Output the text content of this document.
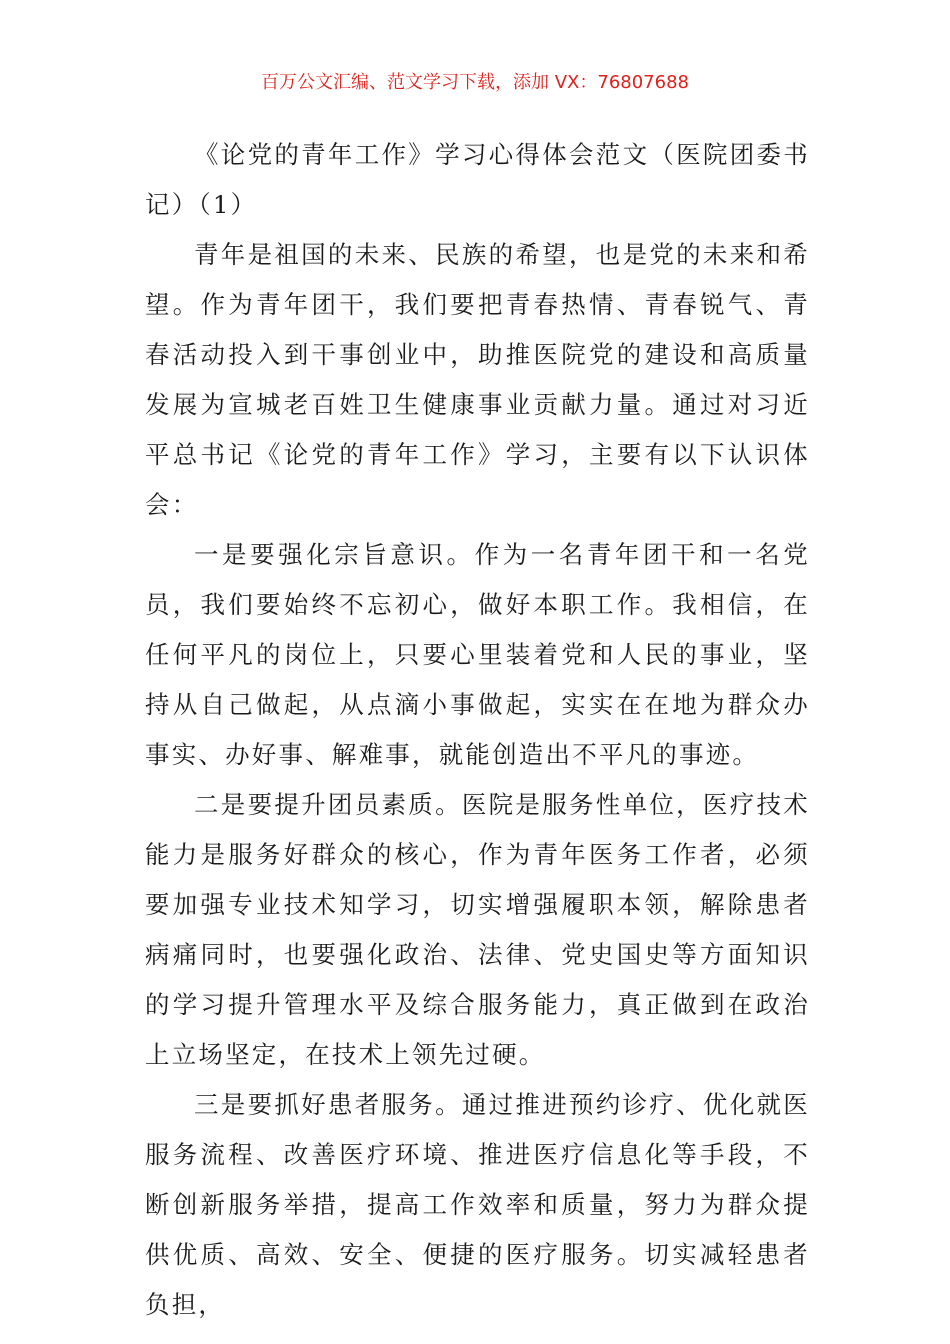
百万公文汇编、范文学习下载，添加 VX：76807688

《论党的青年工作》学习心得体会范文（医院团委书记）（1）

青年是祖国的未来、民族的希望，也是党的未来和希望。作为青年团干，我们要把青春热情、青春锐气、青春活动投入到干事创业中，助推医院党的建设和高质量发展为宣城老百姓卫生健康事业贡献力量。通过对习近平总书记《论党的青年工作》学习，主要有以下认识体会：

一是要强化宗旨意识。作为一名青年团干和一名党员，我们要始终不忘初心，做好本职工作。我相信，在任何平凡的岗位上，只要心里装着党和人民的事业，坚持从自己做起，从点滴小事做起，实实在在地为群众办事实、办好事、解难事，就能创造出不平凡的事迹。

二是要提升团员素质。医院是服务性单位，医疗技术能力是服务好群众的核心，作为青年医务工作者，必须要加强专业技术知学习，切实增强履职本领，解除患者病痛同时，也要强化政治、法律、党史国史等方面知识的学习提升管理水平及综合服务能力，真正做到在政治上立场坚定，在技术上领先过硬。

三是要抓好患者服务。通过推进预约诊疗、优化就医服务流程、改善医疗环境、推进医疗信息化等手段，不断创新服务举措，提高工作效率和质量，努力为群众提供优质、高效、安全、便捷的医疗服务。切实减轻患者负担，
